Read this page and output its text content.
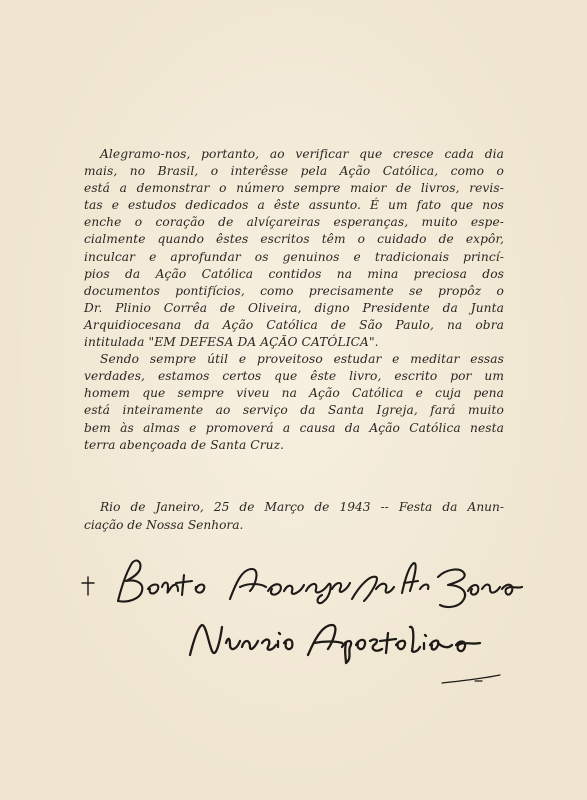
Alegramo-nos, portanto, ao verificar que cresce cada dia
mais, no Brasil, o interêsse pela Ação Católica, como o
está a demonstrar o número sempre maior de livros, revis-
tas e estudos dedicados a êste assunto. É um fato que nos
enche o coração de alvíçareiras esperanças, muito espe-
cialmente quando êstes escritos têm o cuidado de expôr,
inculcar e aprofundar os genuinos e tradicionais princí-
pios da Ação Católica contidos na mina preciosa dos
documentos pontifícios, como precisamente se propôz o
Dr. Plinio Corrêa de Oliveira, digno Presidente da Junta
Arquidiocesana da Ação Católica de São Paulo, na obra
intitulada "EM DEFESA DA AÇÃO CATÓLICA".
Sendo sempre útil e proveitoso estudar e meditar essas
verdades, estamos certos que êste livro, escrito por um
homem que sempre viveu na Ação Católica e cuja pena
está inteiramente ao serviço da Santa Igreja, fará muito
bem às almas e promoverá a causa da Ação Católica nesta
terra abençoada de Santa Cruz.
Rio de Janeiro, 25 de Março de 1943 -- Festa da Anun-
ciação de Nossa Senhora.
